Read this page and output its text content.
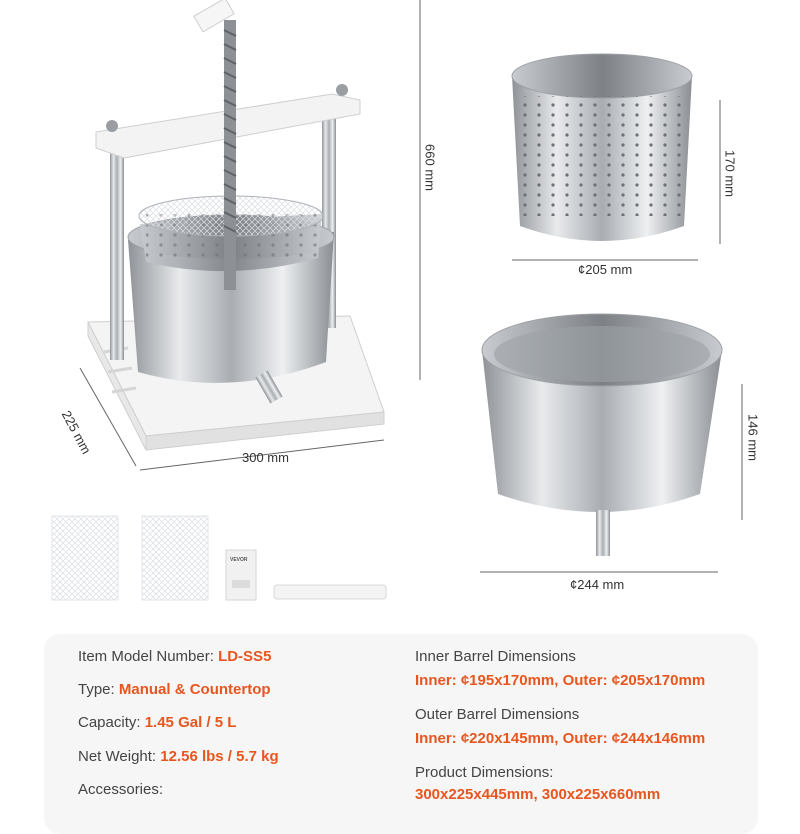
660 mm
225 mm
300 mm
170 mm
¢205 mm
146 mm
¢244 mm
VEVOR
Item Model Number: LD-SS5
Type: Manual & Countertop
Capacity: 1.45 Gal / 5 L
Net Weight: 12.56 lbs / 5.7 kg
Accessories:
Inner Barrel Dimensions
Inner: ¢195x170mm, Outer: ¢205x170mm
Outer Barrel Dimensions
Inner: ¢220x145mm, Outer: ¢244x146mm
Product Dimensions:
300x225x445mm, 300x225x660mm
